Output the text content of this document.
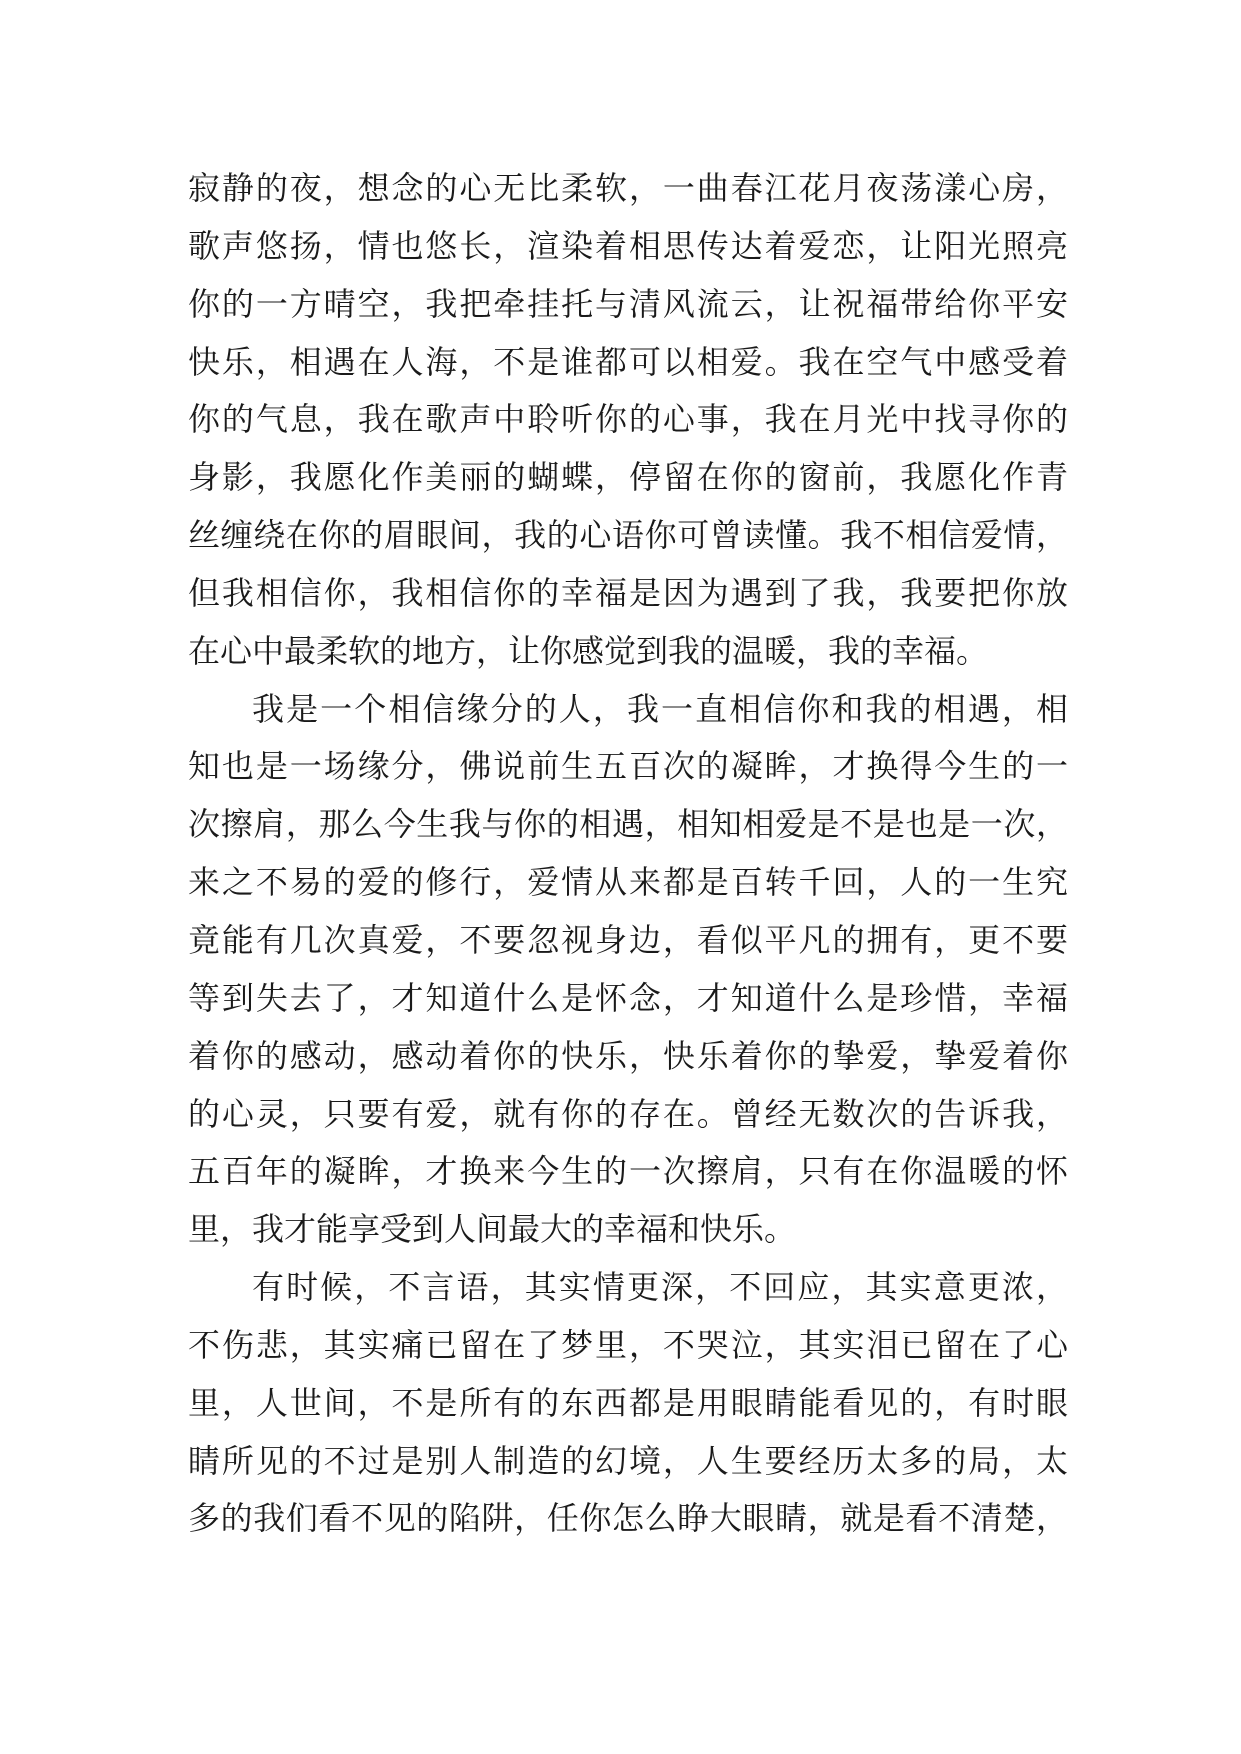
寂静的夜，想念的心无比柔软，一曲春江花月夜荡漾心房，
歌声悠扬，情也悠长，渲染着相思传达着爱恋，让阳光照亮
你的一方晴空，我把牵挂托与清风流云，让祝福带给你平安
快乐，相遇在人海，不是谁都可以相爱。我在空气中感受着
你的气息，我在歌声中聆听你的心事，我在月光中找寻你的
身影，我愿化作美丽的蝴蝶，停留在你的窗前，我愿化作青
丝缠绕在你的眉眼间，我的心语你可曾读懂。我不相信爱情，
但我相信你，我相信你的幸福是因为遇到了我，我要把你放
在心中最柔软的地方，让你感觉到我的温暖，我的幸福。
我是一个相信缘分的人，我一直相信你和我的相遇，相
知也是一场缘分，佛说前生五百次的凝眸，才换得今生的一
次擦肩，那么今生我与你的相遇，相知相爱是不是也是一次，
来之不易的爱的修行，爱情从来都是百转千回，人的一生究
竟能有几次真爱，不要忽视身边，看似平凡的拥有，更不要
等到失去了，才知道什么是怀念，才知道什么是珍惜，幸福
着你的感动，感动着你的快乐，快乐着你的挚爱，挚爱着你
的心灵，只要有爱，就有你的存在。曾经无数次的告诉我，
五百年的凝眸，才换来今生的一次擦肩，只有在你温暖的怀
里，我才能享受到人间最大的幸福和快乐。
有时候，不言语，其实情更深，不回应，其实意更浓，
不伤悲，其实痛已留在了梦里，不哭泣，其实泪已留在了心
里，人世间，不是所有的东西都是用眼睛能看见的，有时眼
睛所见的不过是别人制造的幻境，人生要经历太多的局，太
多的我们看不见的陷阱，任你怎么睁大眼睛，就是看不清楚，
